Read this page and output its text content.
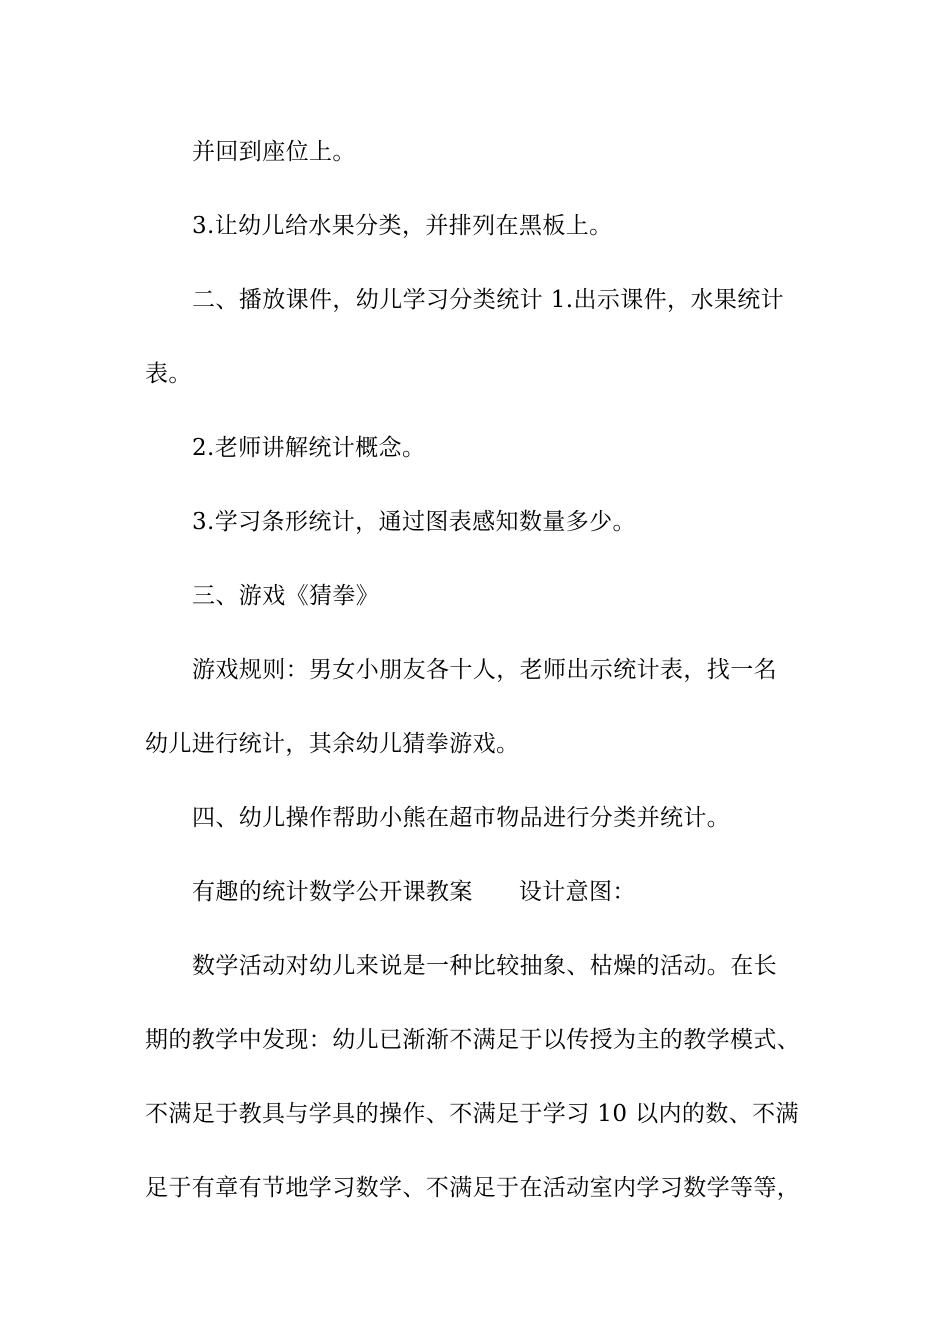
并回到座位上。
3.让幼儿给水果分类，并排列在黑板上。
二、播放课件，幼儿学习分类统计 1.出示课件，水果统计
表。
2.老师讲解统计概念。
3.学习条形统计，通过图表感知数量多少。
三、游戏《猜拳》
游戏规则：男女小朋友各十人，老师出示统计表，找一名
幼儿进行统计，其余幼儿猜拳游戏。
四、幼儿操作帮助小熊在超市物品进行分类并统计。
有趣的统计数学公开课教案 设计意图：
数学活动对幼儿来说是一种比较抽象、枯燥的活动。在长
期的教学中发现：幼儿已渐渐不满足于以传授为主的教学模式、
不满足于教具与学具的操作、不满足于学习 10 以内的数、不满
足于有章有节地学习数学、不满足于在活动室内学习数学等等，
